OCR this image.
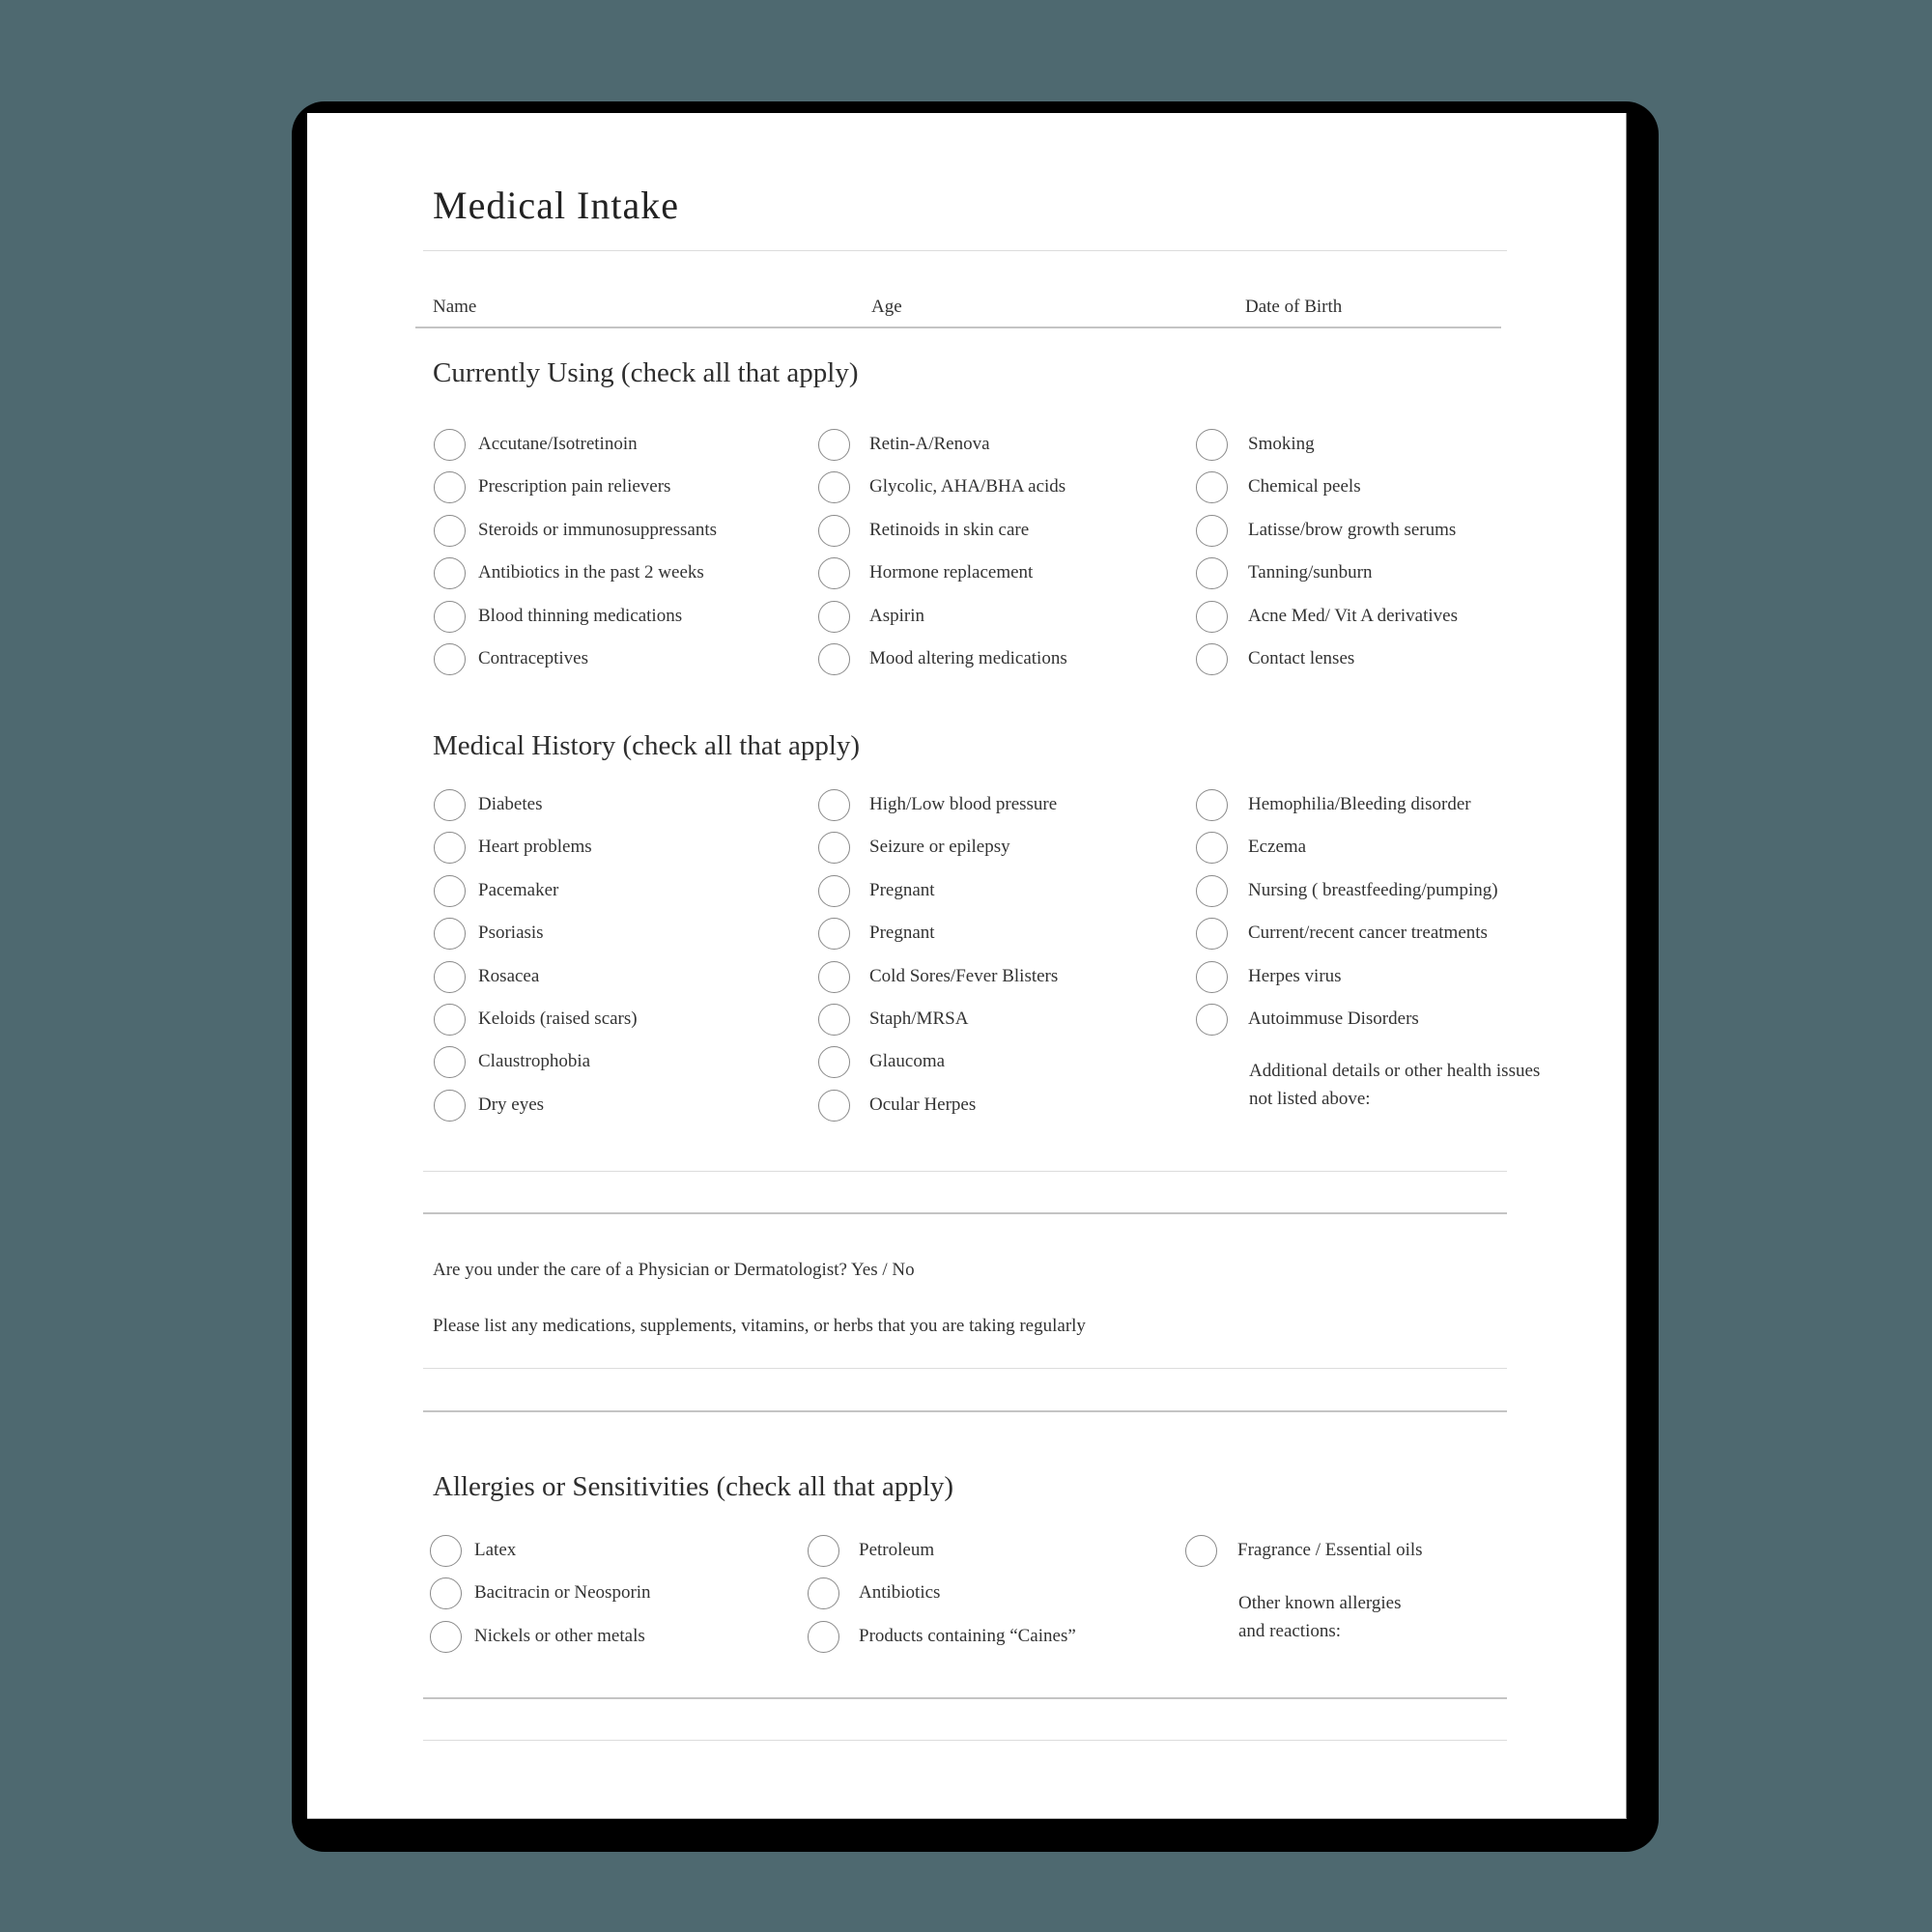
Medical Intake
Name	Age	Date of Birth
Currently Using (check all that apply)
Accutane/Isotretinoin
Prescription pain relievers
Steroids or immunosuppressants
Antibiotics in the past 2 weeks
Blood thinning medications
Contraceptives
Retin-A/Renova
Glycolic, AHA/BHA acids
Retinoids in skin care
Hormone replacement
Aspirin
Mood altering medications
Smoking
Chemical peels
Latisse/brow growth serums
Tanning/sunburn
Acne Med/ Vit A derivatives
Contact lenses
Medical History (check all that apply)
Diabetes
Heart problems
Pacemaker
Psoriasis
Rosacea
Keloids (raised scars)
Claustrophobia
Dry eyes
High/Low blood pressure
Seizure or epilepsy
Pregnant
Pregnant
Cold Sores/Fever Blisters
Staph/MRSA
Glaucoma
Ocular Herpes
Hemophilia/Bleeding disorder
Eczema
Nursing ( breastfeeding/pumping)
Current/recent cancer treatments
Herpes virus
Autoimmuse Disorders
Additional details or other health issues not listed above:
Are you under the care of a Physician or Dermatologist? Yes / No
Please list any medications, supplements, vitamins, or herbs that you are taking regularly
Allergies or Sensitivities (check all that apply)
Latex
Bacitracin or Neosporin
Nickels or other metals
Petroleum
Antibiotics
Products containing “Caines”
Fragrance / Essential oils
Other known allergies and reactions:
